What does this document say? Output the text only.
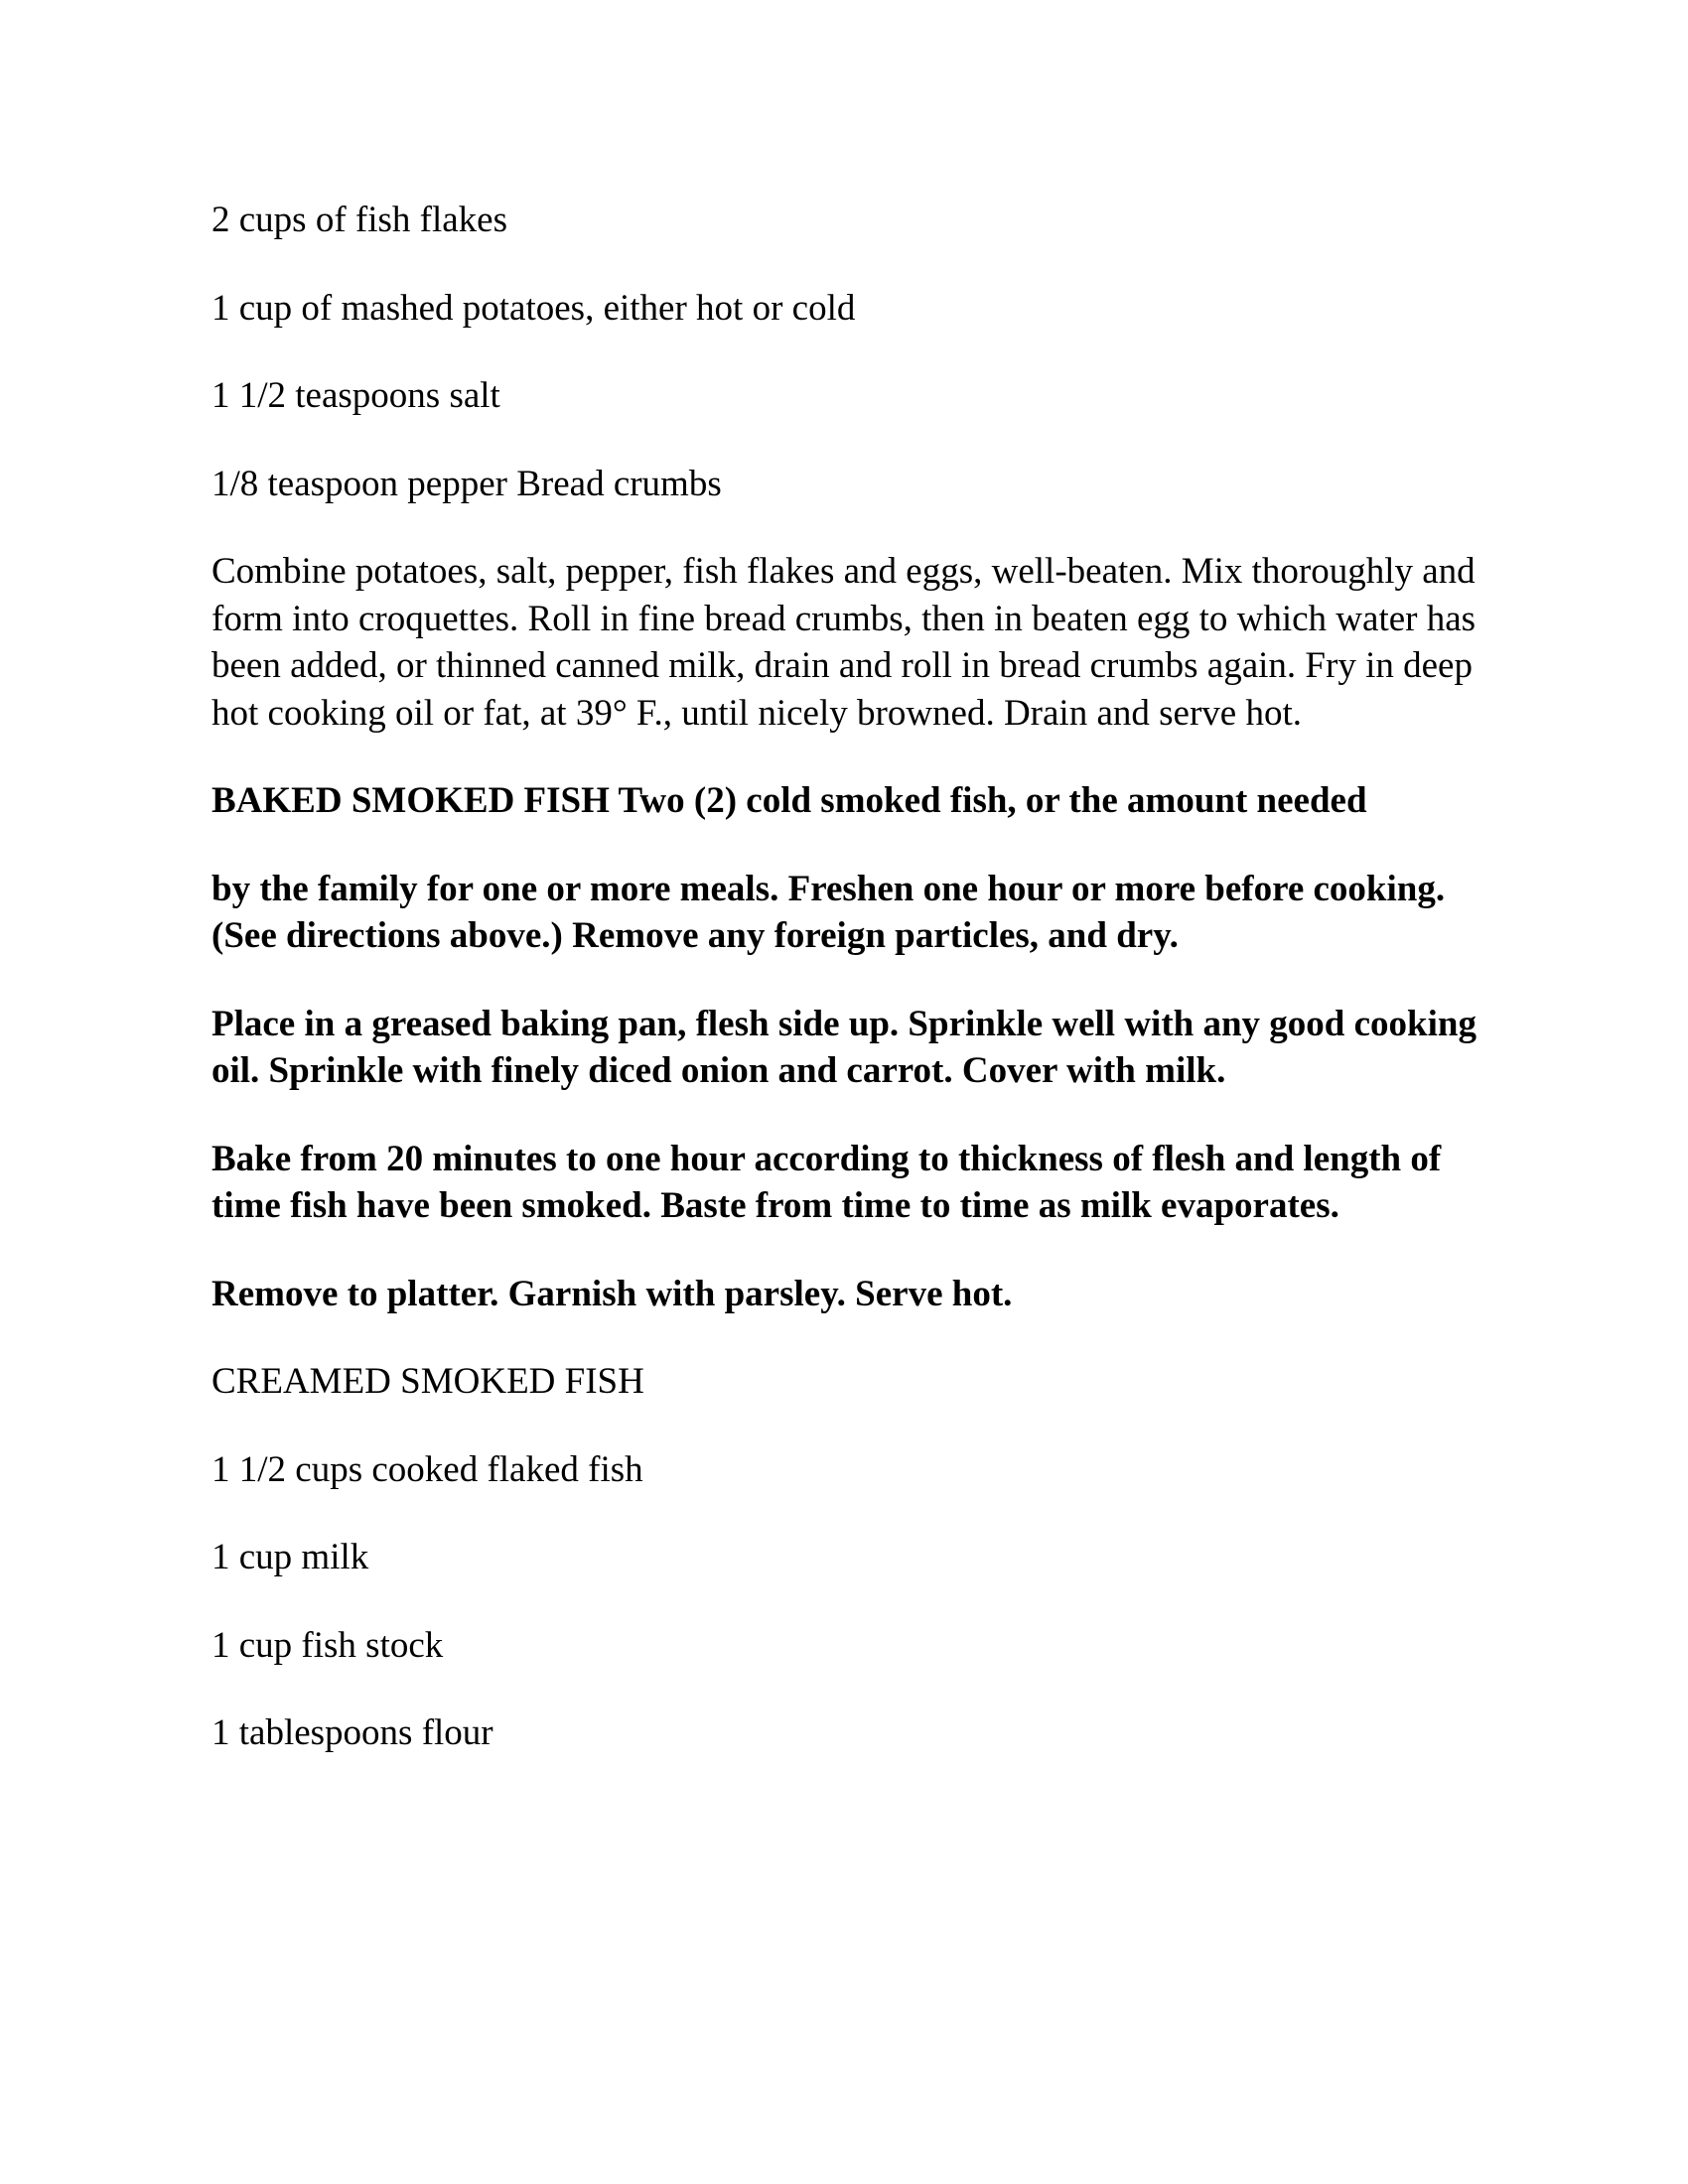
2 cups of fish flakes

1 cup of mashed potatoes, either hot or cold

1 1/2 teaspoons salt

1/8 teaspoon pepper Bread crumbs

Combine potatoes, salt, pepper, fish flakes and eggs, well-beaten. Mix thoroughly and form into croquettes. Roll in fine bread crumbs, then in beaten egg to which water has been added, or thinned canned milk, drain and roll in bread crumbs again. Fry in deep hot cooking oil or fat, at 39° F., until nicely browned. Drain and serve hot.

BAKED SMOKED FISH Two (2) cold smoked fish, or the amount needed

by the family for one or more meals. Freshen one hour or more before cooking. (See directions above.) Remove any foreign particles, and dry.

Place in a greased baking pan, flesh side up. Sprinkle well with any good cooking oil. Sprinkle with finely diced onion and carrot. Cover with milk.

Bake from 20 minutes to one hour according to thickness of flesh and length of time fish have been smoked. Baste from time to time as milk evaporates.

Remove to platter. Garnish with parsley. Serve hot.

CREAMED SMOKED FISH

1 1/2 cups cooked flaked fish

1 cup milk

1 cup fish stock

1 tablespoons flour
